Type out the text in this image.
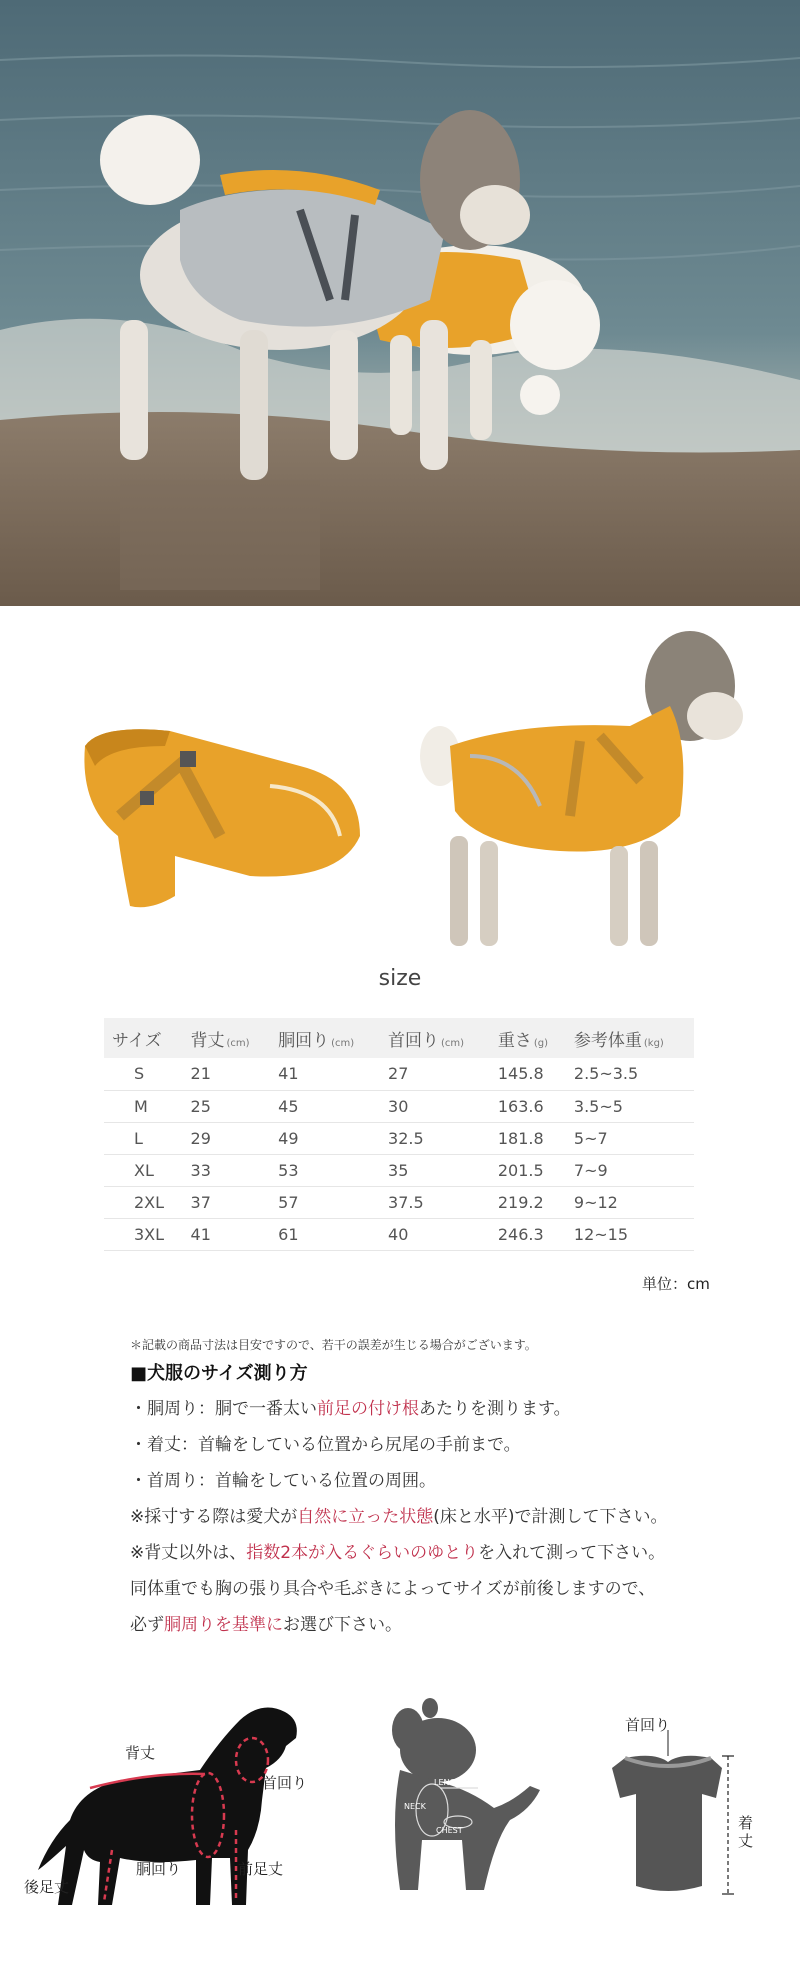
size
サイズ	背丈 (cm)	胴回り (cm)	首回り (cm)	重さ (g)	参考体重 (kg)
S	21	41	27	145.8	2.5~3.5
M	25	45	30	163.6	3.5~5
L	29	49	32.5	181.8	5~7
XL	33	53	35	201.5	7~9
2XL	37	57	37.5	219.2	9~12
3XL	41	61	40	246.3	12~15
単位：cm
＊記載の商品寸法は目安ですので、若干の誤差が生じる場合がございます。
■犬服のサイズ測り方
・胴周り：胴で一番太い前足の付け根あたりを測ります。
・着丈：首輪をしている位置から尻尾の手前まで。
・首周り：首輪をしている位置の周囲。
※採寸する際は愛犬が自然に立った状態(床と水平)で計測して下さい。
※背丈以外は、指数2本が入るぐらいのゆとりを入れて測って下さい。
同体重でも胸の張り具合や毛ぶきによってサイズが前後しますので、
必ず胴周りを基準にお選び下さい。
背丈
首回り
後足丈
胴回り	前足丈
LENGTH
NECK
CHEST
首回り
着丈
